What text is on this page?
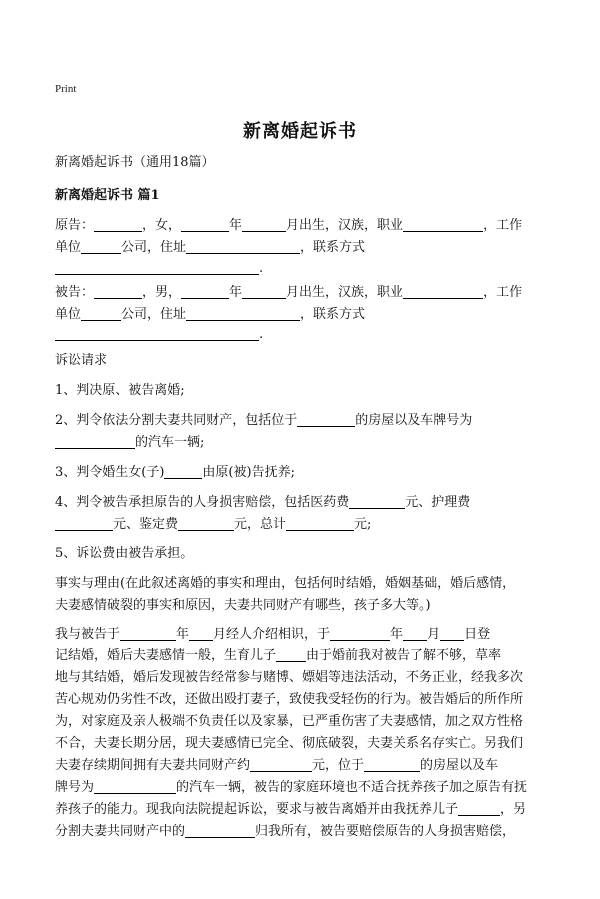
Print
新离婚起诉书
新离婚起诉书（通用18篇）
新离婚起诉书 篇1
原告：	，女，	年	月出生，汉族，职业	，工作
单位	公司，住址	，联系方式
.
被告：	，男，	年	月出生，汉族，职业	，工作
单位	公司，住址	，联系方式
.
诉讼请求
1、判决原、被告离婚;
2、判令依法分割夫妻共同财产，包括位于	的房屋以及车牌号为
的汽车一辆;
3、判令婚生女(子)	由原(被)告抚养;
4、判令被告承担原告的人身损害赔偿，包括医药费	元、护理费
元、鉴定费	元，总计	元;
5、诉讼费由被告承担。
事实与理由(在此叙述离婚的事实和理由，包括何时结婚，婚姻基础，婚后感情，
夫妻感情破裂的事实和原因，夫妻共同财产有哪些，孩子多大等。)
我与被告于	年 月经人介绍相识，于	年 月 日登
记结婚，婚后夫妻感情一般，生育儿子 由于婚前我对被告了解不够，草率
地与其结婚，婚后发现被告经常参与赌博、嫖娼等违法活动，不务正业，经我多次
苦心规劝仍劣性不改，还做出殴打妻子，致使我受轻伤的行为。被告婚后的所作所
为，对家庭及亲人极端不负责任以及家暴，已严重伤害了夫妻感情，加之双方性格
不合，夫妻长期分居，现夫妻感情已完全、彻底破裂，夫妻关系名存实亡。另我们
夫妻存续期间拥有夫妻共同财产约	元，位于	的房屋以及车
牌号为	的汽车一辆，被告的家庭环境也不适合抚养孩子加之原告有抚
养孩子的能力。现我向法院提起诉讼，要求与被告离婚并由我抚养儿子	，另
分割夫妻共同财产中的	归我所有，被告要赔偿原告的人身损害赔偿，
